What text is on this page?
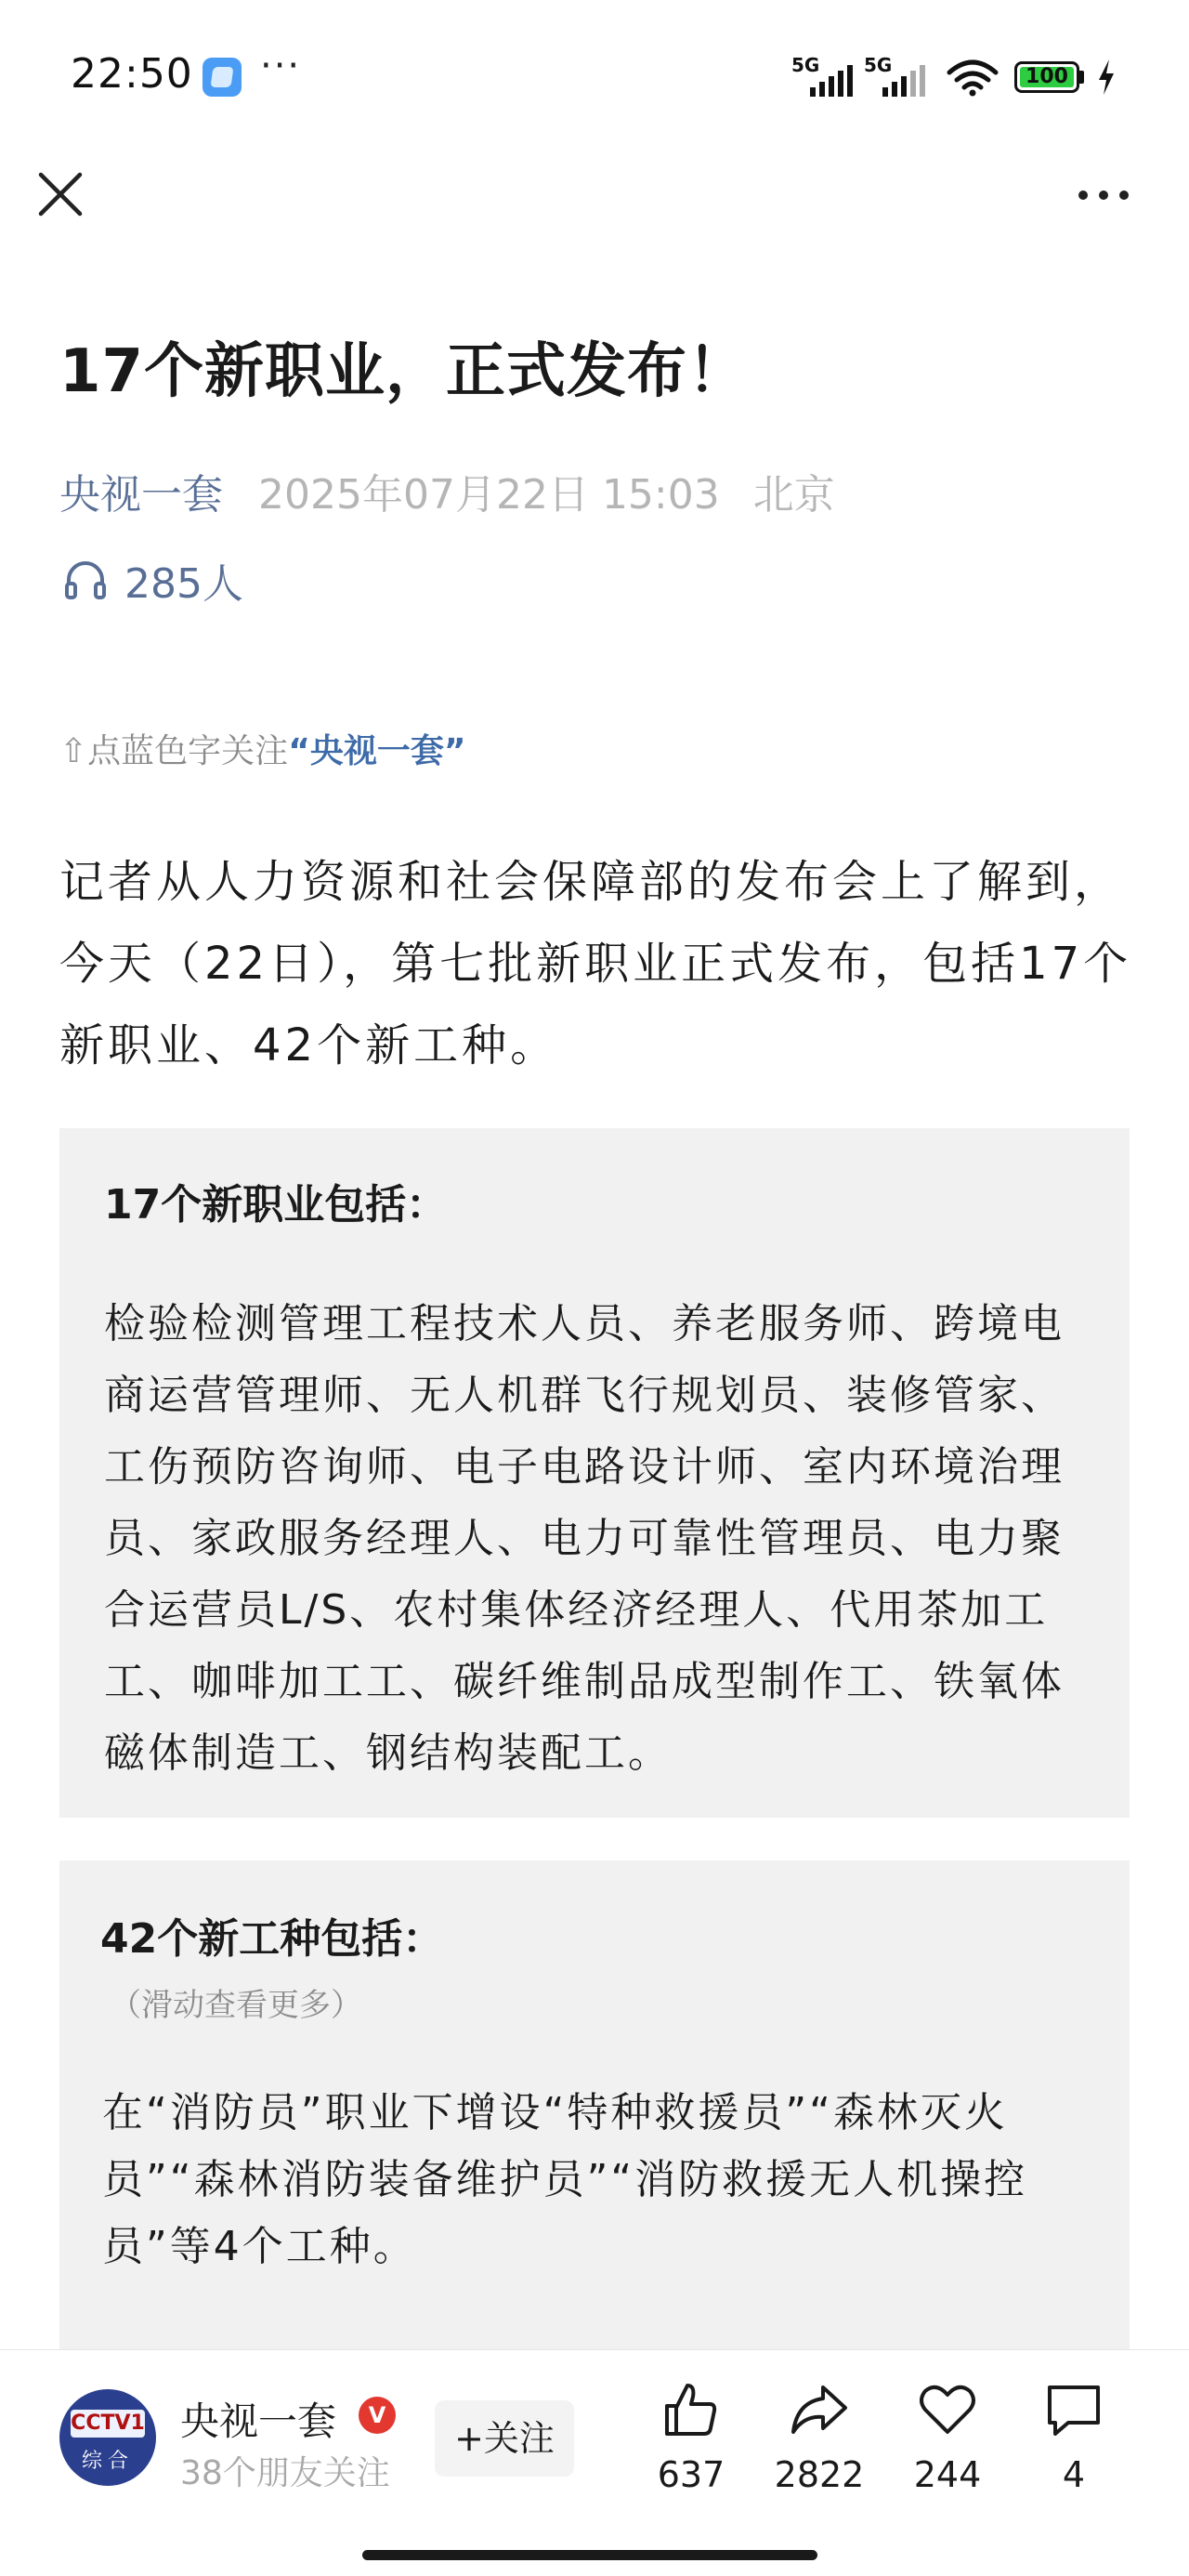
22:50 ···	5G 5G	100
17个新职业，正式发布！
央视一套 2025年07月22日 15:03 北京
285人
⇧点蓝色字关注“央视一套”
记者从人力资源和社会保障部的发布会上了解到，今天（22日），第七批新职业正式发布，包括17个新职业、42个新工种。
17个新职业包括：
检验检测管理工程技术人员、养老服务师、跨境电商运营管理师、无人机群飞行规划员、装修管家、工伤预防咨询师、电子电路设计师、室内环境治理员、家政服务经理人、电力可靠性管理员、电力聚合运营员L/S、农村集体经济经理人、代用茶加工工、咖啡加工工、碳纤维制品成型制作工、铁氧体磁体制造工、钢结构装配工。
42个新工种包括：
（滑动查看更多）
在“消防员”职业下增设“特种救援员”“森林灭火员”“森林消防装备维护员”“消防救援无人机操控员”等4个工种。
CCTV1
综合
央视一套	V
38个朋友关注
+关注
637	2822	244	4
